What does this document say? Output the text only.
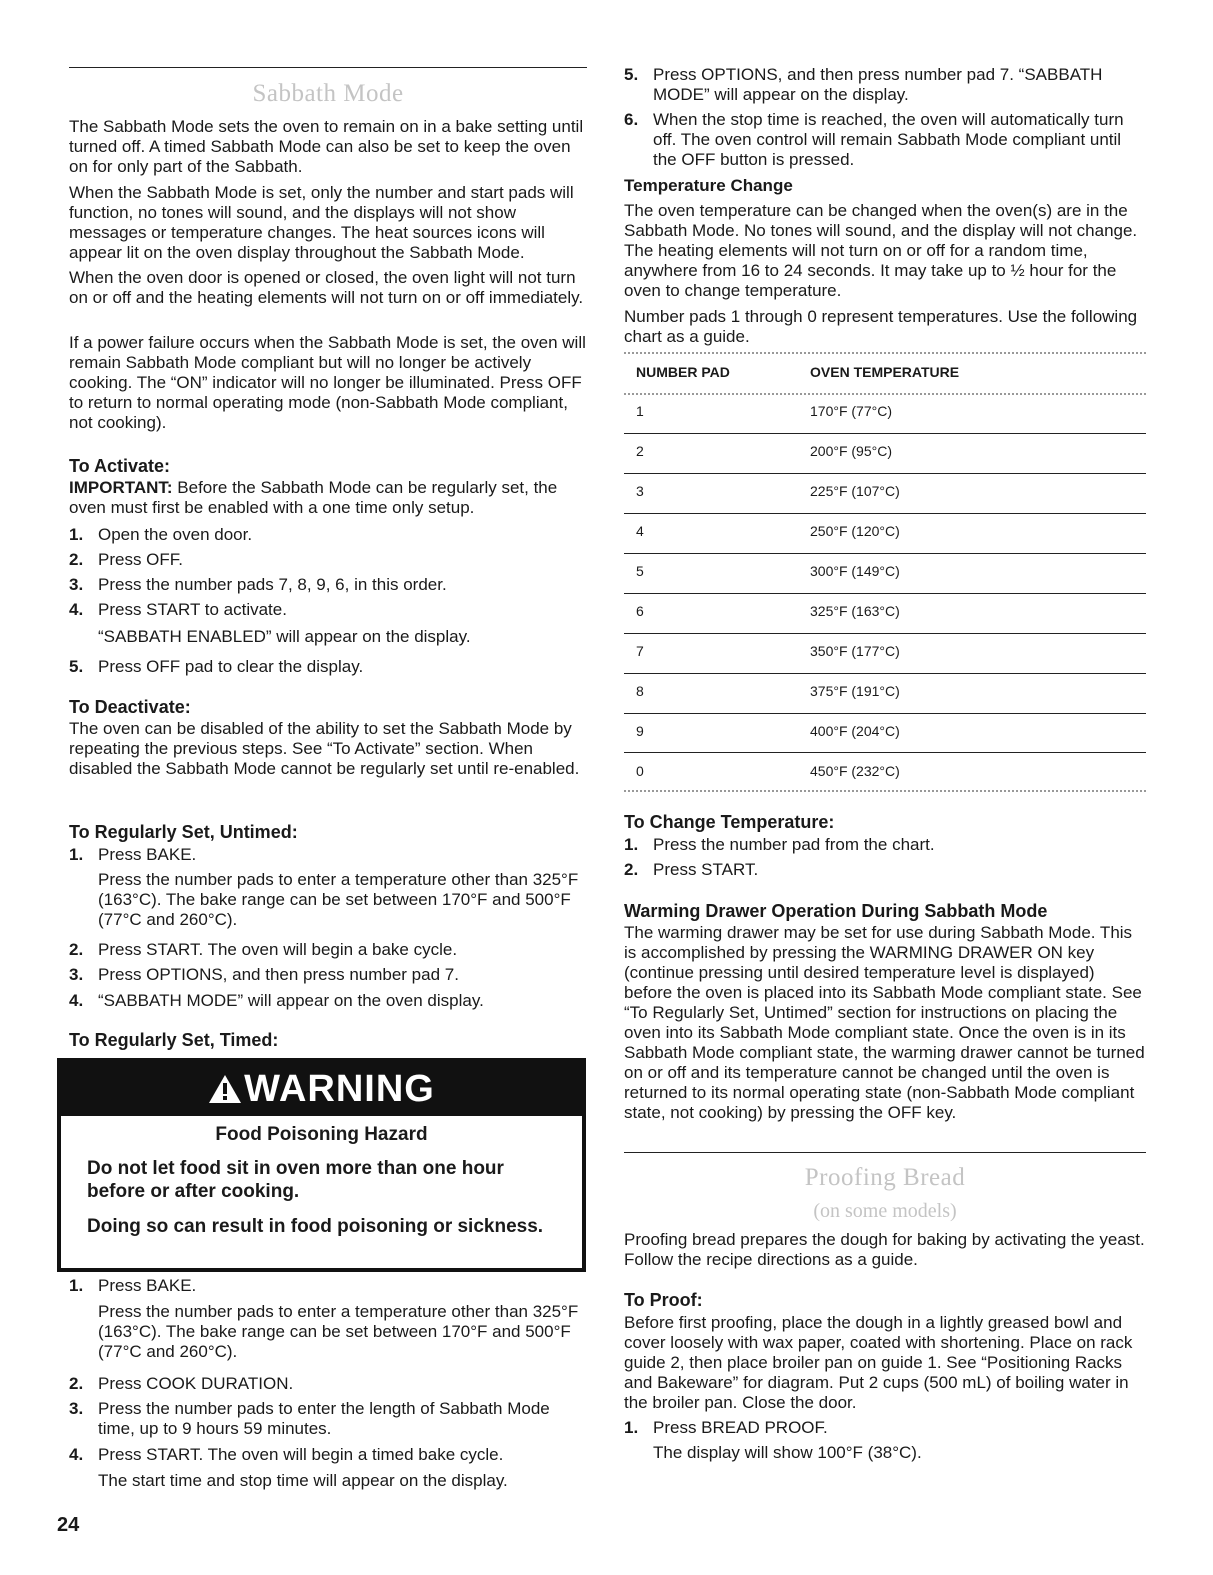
Sabbath Mode

The Sabbath Mode sets the oven to remain on in a bake setting until turned off. A timed Sabbath Mode can also be set to keep the oven on for only part of the Sabbath.

When the Sabbath Mode is set, only the number and start pads will function, no tones will sound, and the displays will not show messages or temperature changes. The heat sources icons will appear lit on the oven display throughout the Sabbath Mode.

When the oven door is opened or closed, the oven light will not turn on or off and the heating elements will not turn on or off immediately.

If a power failure occurs when the Sabbath Mode is set, the oven will remain Sabbath Mode compliant but will no longer be actively cooking. The “ON” indicator will no longer be illuminated. Press OFF to return to normal operating mode (non-Sabbath Mode compliant, not cooking).

To Activate:

IMPORTANT: Before the Sabbath Mode can be regularly set, the oven must first be enabled with a one time only setup.

1. Open the oven door.
2. Press OFF.
3. Press the number pads 7, 8, 9, 6, in this order.
4. Press START to activate.

“SABBATH ENABLED” will appear on the display.

5. Press OFF pad to clear the display.
To Deactivate:

The oven can be disabled of the ability to set the Sabbath Mode by repeating the previous steps. See “To Activate” section. When disabled the Sabbath Mode cannot be regularly set until re-enabled.

To Regularly Set, Untimed:
1. Press BAKE.

Press the number pads to enter a temperature other than 325°F (163°C). The bake range can be set between 170°F and 500°F (77°C and 260°C).

2. Press START. The oven will begin a bake cycle.
3. Press OPTIONS, and then press number pad 7.
4. “SABBATH MODE” will appear on the oven display.
To Regularly Set, Timed:
1. Press BAKE.

Press the number pads to enter a temperature other than 325°F (163°C). The bake range can be set between 170°F and 500°F (77°C and 260°C).

2. Press COOK DURATION.
3. Press the number pads to enter the length of Sabbath Mode time, up to 9 hours 59 minutes.
4. Press START. The oven will begin a timed bake cycle.

The start time and stop time will appear on the display.

WARNING
Food Poisoning Hazard
Do not let food sit in oven more than one hour before or after cooking.
Doing so can result in food poisoning or sickness.
5. Press OPTIONS, and then press number pad 7. “SABBATH MODE” will appear on the display.
6. When the stop time is reached, the oven will automatically turn off. The oven control will remain Sabbath Mode compliant until the OFF button is pressed.
Temperature Change

The oven temperature can be changed when the oven(s) are in the Sabbath Mode. No tones will sound, and the display will not change. The heating elements will not turn on or off for a random time, anywhere from 16 to 24 seconds. It may take up to ½ hour for the oven to change temperature.

Number pads 1 through 0 represent temperatures. Use the following chart as a guide.

NUMBER PAD	OVEN TEMPERATURE
1	170°F (77°C)
2	200°F (95°C)
3	225°F (107°C)
4	250°F (120°C)
5	300°F (149°C)
6	325°F (163°C)
7	350°F (177°C)
8	375°F (191°C)
9	400°F (204°C)
0	450°F (232°C)
To Change Temperature:
1. Press the number pad from the chart.
2. Press START.
Warming Drawer Operation During Sabbath Mode

The warming drawer may be set for use during Sabbath Mode. This is accomplished by pressing the WARMING DRAWER ON key (continue pressing until desired temperature level is displayed) before the oven is placed into its Sabbath Mode compliant state. See “To Regularly Set, Untimed” section for instructions on placing the oven into its Sabbath Mode compliant state. Once the oven is in its Sabbath Mode compliant state, the warming drawer cannot be turned on or off and its temperature cannot be changed until the oven is returned to its normal operating state (non-Sabbath Mode compliant state, not cooking) by pressing the OFF key.

Proofing Bread
(on some models)

Proofing bread prepares the dough for baking by activating the yeast. Follow the recipe directions as a guide.

To Proof:

Before first proofing, place the dough in a lightly greased bowl and cover loosely with wax paper, coated with shortening. Place on rack guide 2, then place broiler pan on guide 1. See “Positioning Racks and Bakeware” for diagram. Put 2 cups (500 mL) of boiling water in the broiler pan. Close the door.

1. Press BREAD PROOF.

The display will show 100°F (38°C).

24
